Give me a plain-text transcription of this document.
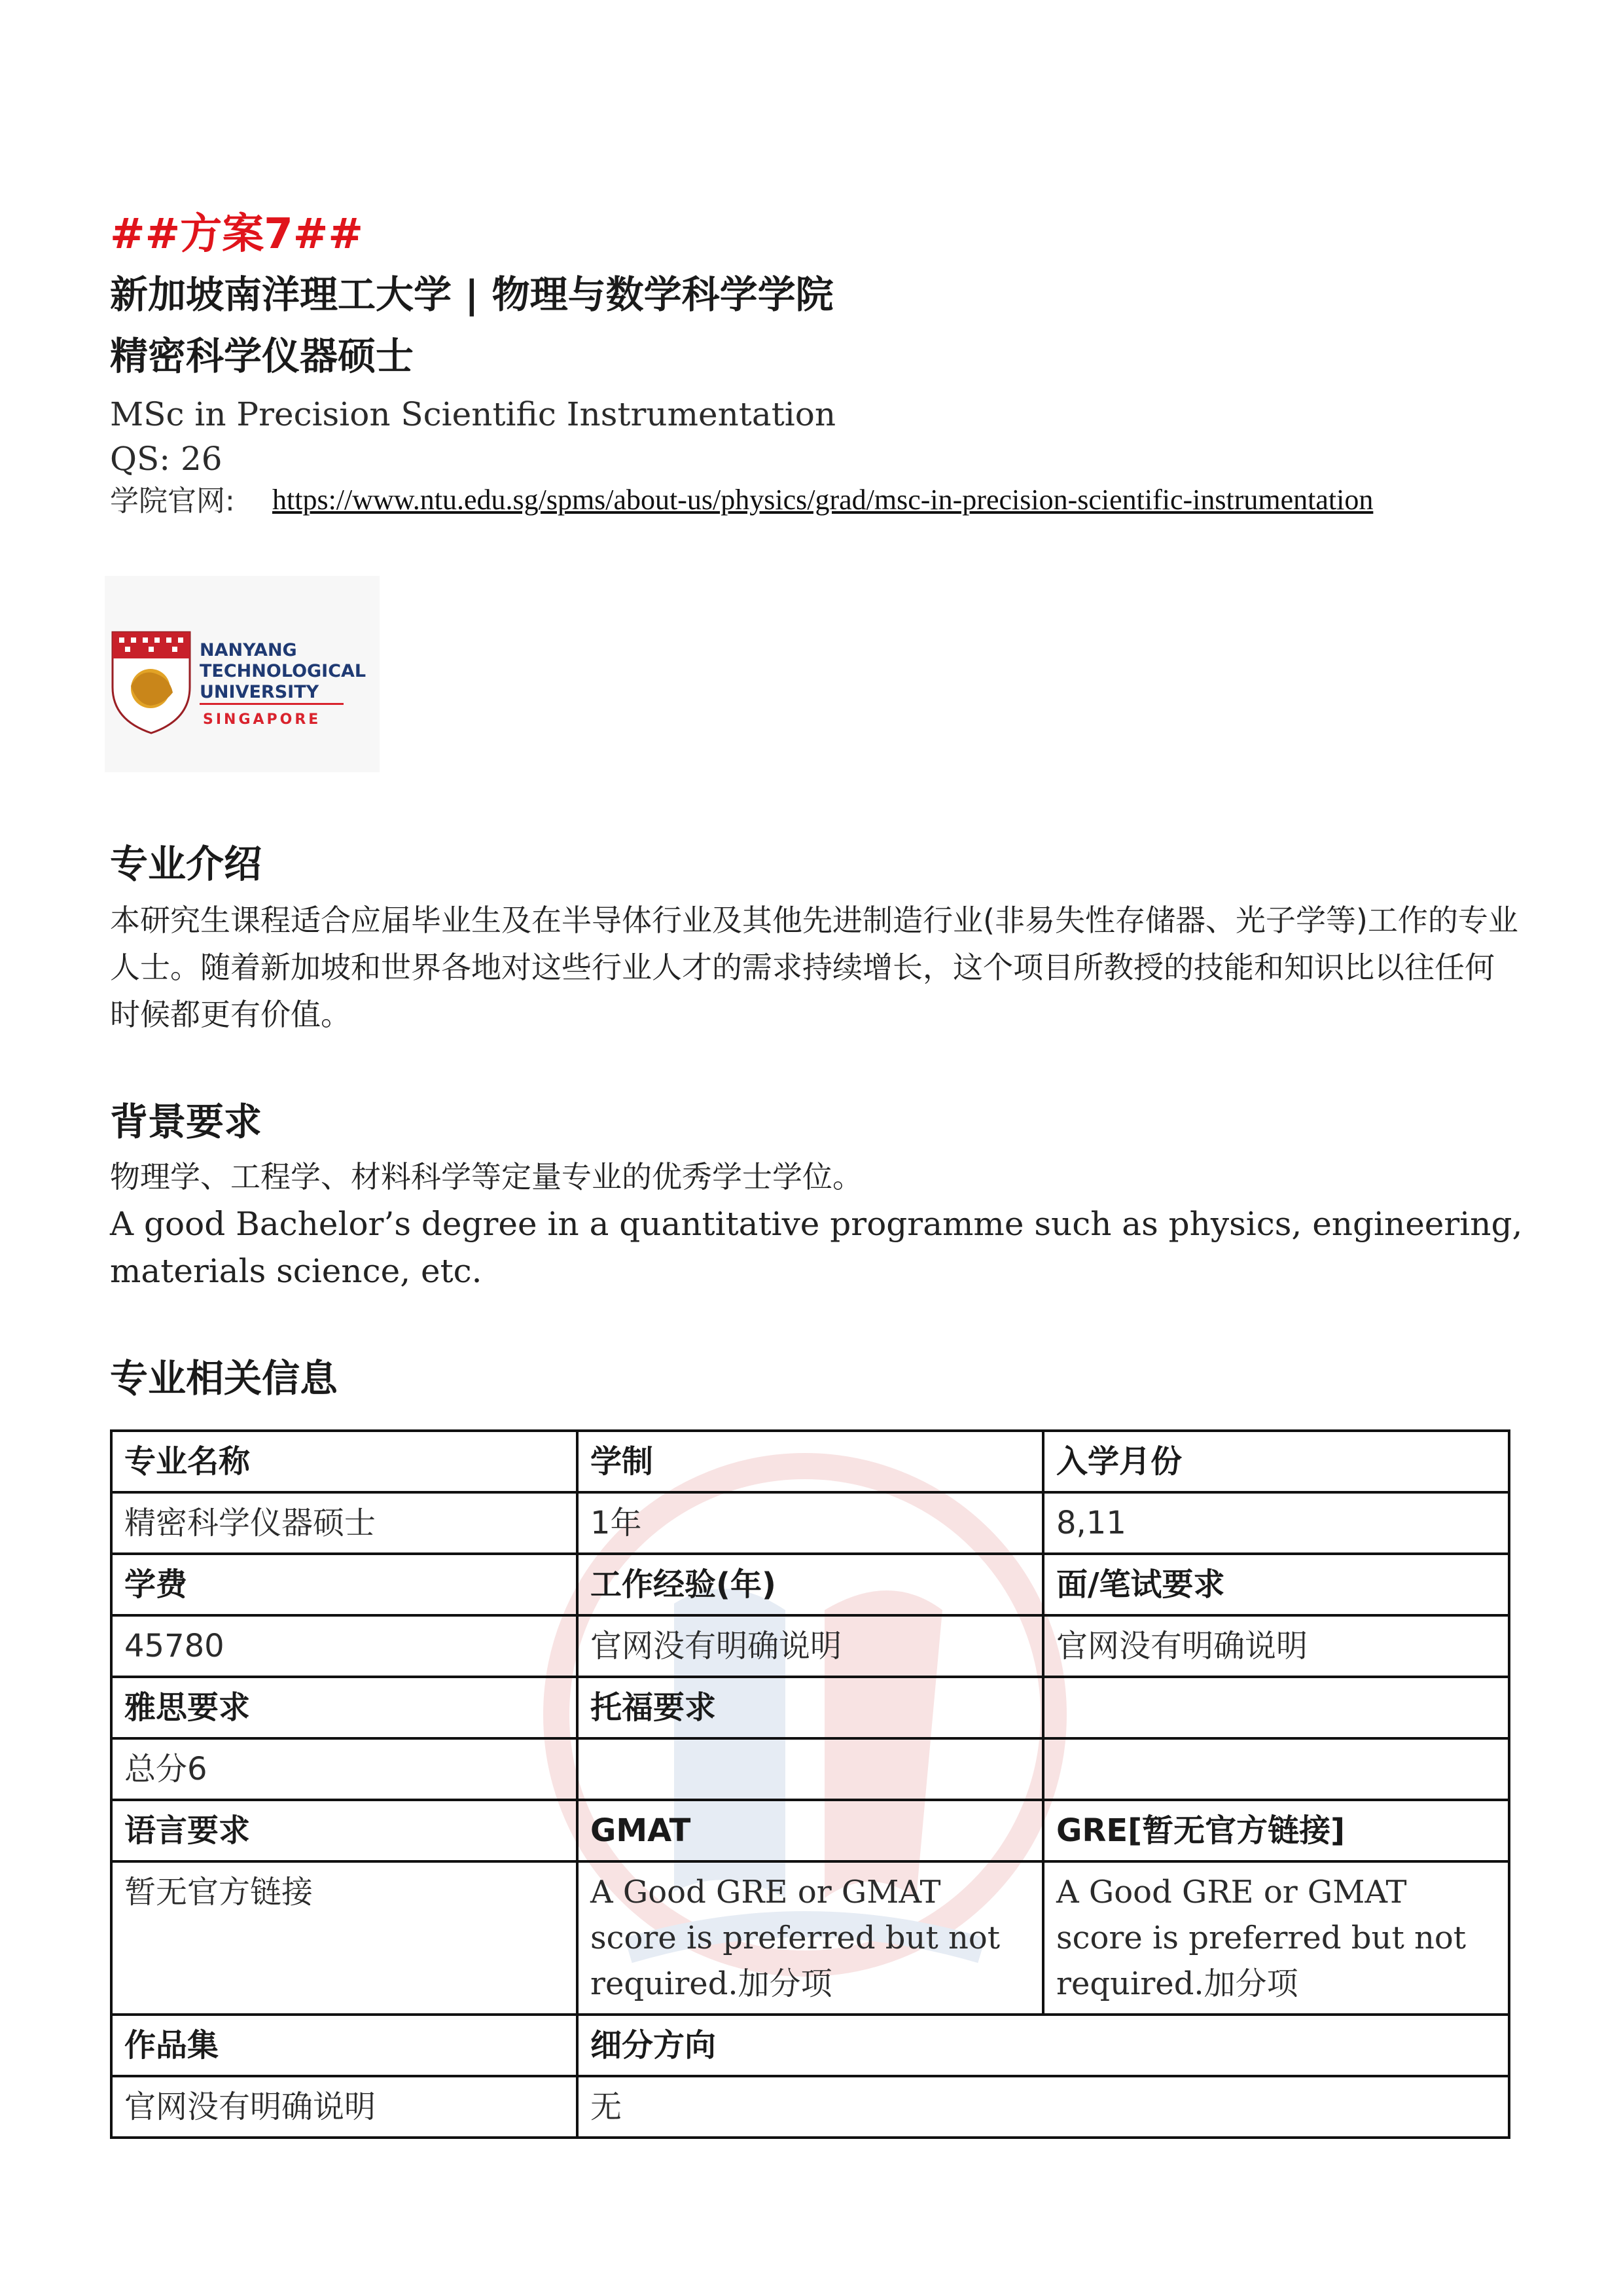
##方案7##
新加坡南洋理工大学 | 物理与数学科学学院
精密科学仪器硕士
MSc in Precision Scientific Instrumentation
QS: 26
学院官网: https://www.ntu.edu.sg/spms/about-us/physics/grad/msc-in-precision-scientific-instrumentation
NANYANG
TECHNOLOGICAL
UNIVERSITY
SINGAPORE
专业介绍
本研究生课程适合应届毕业生及在半导体行业及其他先进制造行业(非易失性存储器、光子学等)工作的专业人士。随着新加坡和世界各地对这些行业人才的需求持续增长，这个项目所教授的技能和知识比以往任何时候都更有价值。
背景要求
物理学、工程学、材料科学等定量专业的优秀学士学位。
A good Bachelor’s degree in a quantitative programme such as physics, engineering, materials science, etc.
专业相关信息
专业名称	学制	入学月份
精密科学仪器硕士	1年	8,11
学费	工作经验(年)	面/笔试要求
45780	官网没有明确说明	官网没有明确说明
雅思要求	托福要求	
总分6		
语言要求	GMAT	GRE[暂无官方链接]
暂无官方链接	A Good GRE or GMAT score is preferred but not required.加分项	A Good GRE or GMAT score is preferred but not required.加分项
作品集	细分方向	
官网没有明确说明	无	
